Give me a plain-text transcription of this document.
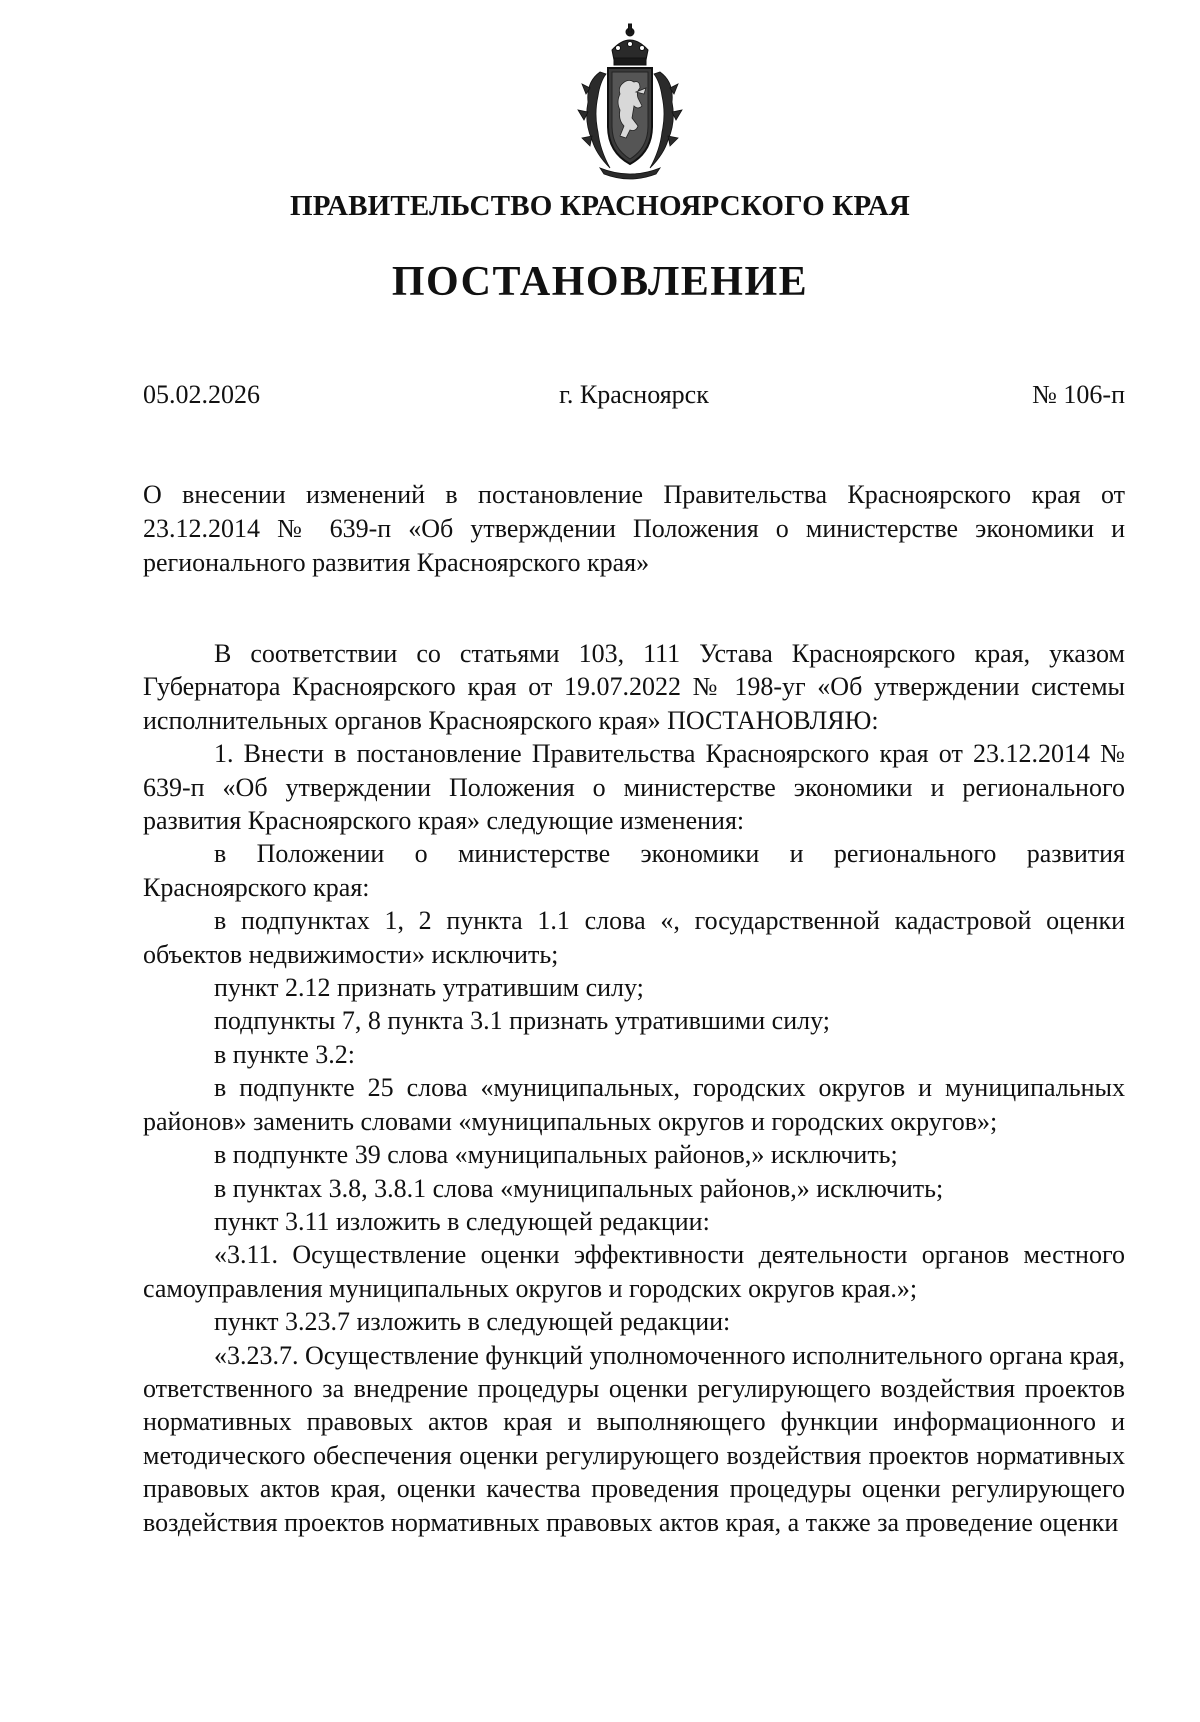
ПРАВИТЕЛЬСТВО КРАСНОЯРСКОГО КРАЯ
ПОСТАНОВЛЕНИЕ
05.02.2026	г. Красноярск	№ 106-п
О внесении изменений в постановление Правительства Красноярского края от 23.12.2014 № 639-п «Об утверждении Положения о министерстве экономики и регионального развития Красноярского края»

В соответствии со статьями 103, 111 Устава Красноярского края, указом Губернатора Красноярского края от 19.07.2022 № 198-уг «Об утверждении системы исполнительных органов Красноярского края» ПОСТАНОВЛЯЮ:

1. Внести в постановление Правительства Красноярского края от 23.12.2014 № 639-п «Об утверждении Положения о министерстве экономики и регионального развития Красноярского края» следующие изменения:

в Положении о министерстве экономики и регионального развития Красноярского края:

в подпунктах 1, 2 пункта 1.1 слова «, государственной кадастровой оценки объектов недвижимости» исключить;

пункт 2.12 признать утратившим силу;

подпункты 7, 8 пункта 3.1 признать утратившими силу;

в пункте 3.2:

в подпункте 25 слова «муниципальных, городских округов и муниципальных районов» заменить словами «муниципальных округов и городских округов»;

в подпункте 39 слова «муниципальных районов,» исключить;

в пунктах 3.8, 3.8.1 слова «муниципальных районов,» исключить;

пункт 3.11 изложить в следующей редакции:

«3.11. Осуществление оценки эффективности деятельности органов местного самоуправления муниципальных округов и городских округов края.»;

пункт 3.23.7 изложить в следующей редакции:

«3.23.7. Осуществление функций уполномоченного исполнительного органа края, ответственного за внедрение процедуры оценки регулирующего воздействия проектов нормативных правовых актов края и выполняющего функции информационного и методического обеспечения оценки регулирующего воздействия проектов нормативных правовых актов края, оценки качества проведения процедуры оценки регулирующего воздействия проектов нормативных правовых актов края, а также за проведение оценки
